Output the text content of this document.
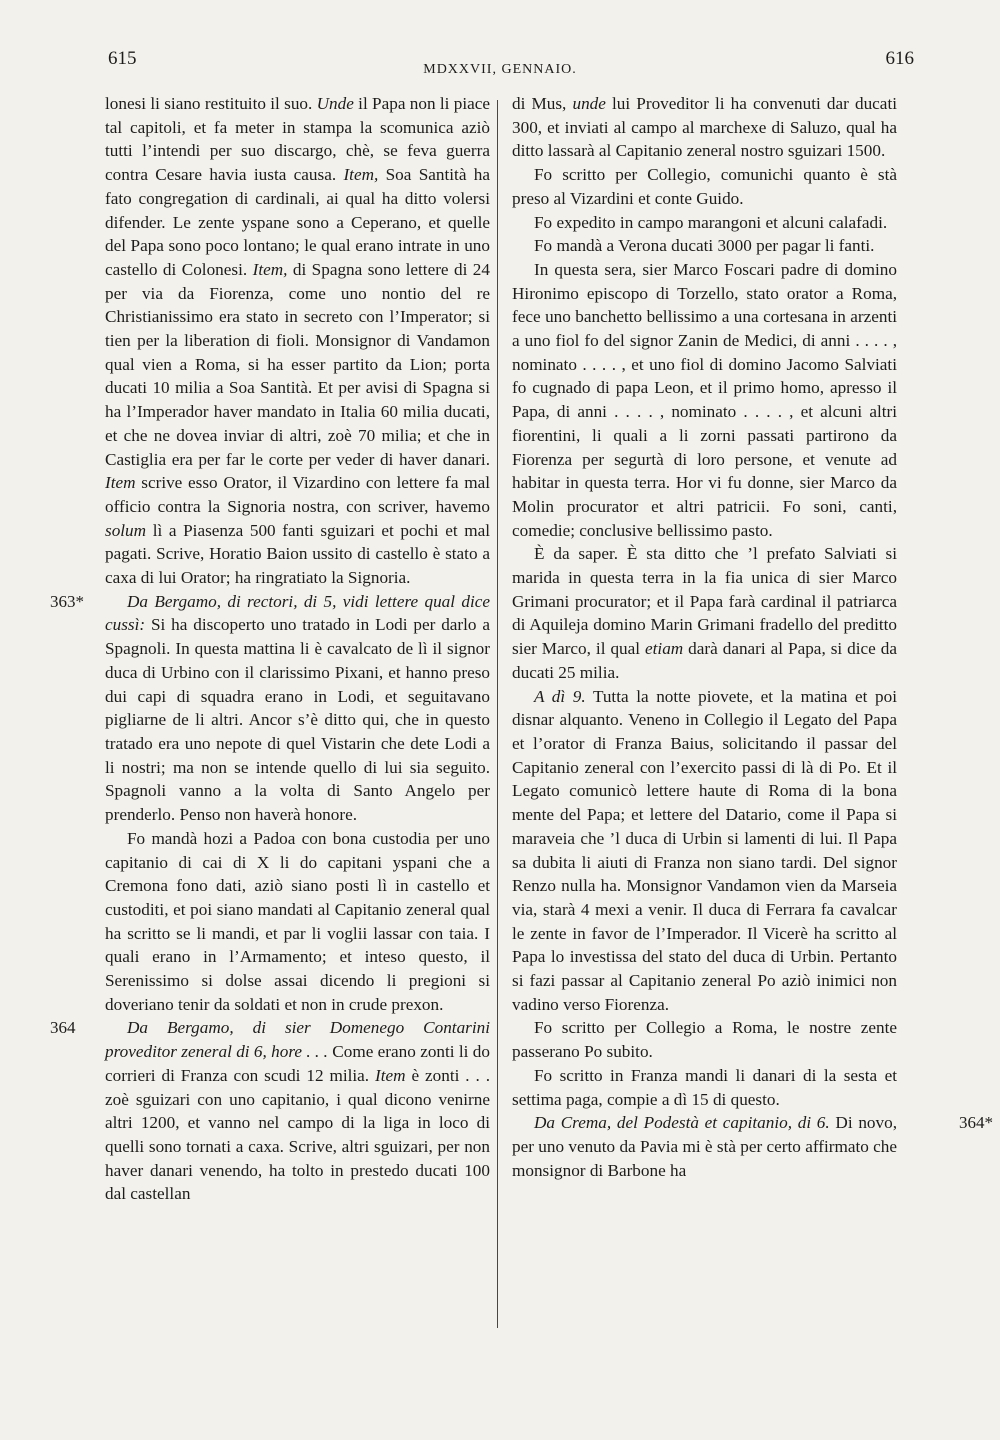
615
MDXXVII, GENNAIO.
616

lonesi li siano restituito il suo. Unde il Papa non li piace tal capitoli, et fa meter in stampa la scomunica aziò tutti l’intendi per suo discargo, chè, se feva guerra contra Cesare havia iusta causa. Item, Soa Santità ha fato congregation di cardinali, ai qual ha ditto volersi difender. Le zente yspane sono a Ceperano, et quelle del Papa sono poco lontano; le qual erano intrate in uno castello di Colonesi. Item, di Spagna sono lettere di 24 per via da Fiorenza, come uno nontio del re Christianissimo era stato in secreto con l’Imperator; si tien per la liberation di fioli. Monsignor di Vandamon qual vien a Roma, si ha esser partito da Lion; porta ducati 10 milia a Soa Santità. Et per avisi di Spagna si ha l’Imperador haver mandato in Italia 60 milia ducati, et che ne dovea inviar di altri, zoè 70 milia; et che in Castiglia era per far le corte per veder di haver danari. Item scrive esso Orator, il Vizardino con lettere fa mal officio contra la Signoria nostra, con scriver, havemo solum lì a Piasenza 500 fanti sguizari et pochi et mal pagati. Scrive, Horatio Baion ussito di castello è stato a caxa di lui Orator; ha ringratiato la Signoria.

363*	Da Bergamo, di rectori, di 5, vidi lettere qual dice cussì: Si ha discoperto uno tratado in Lodi per darlo a Spagnoli. In questa mattina li è cavalcato de lì il signor duca di Urbino con il clarissimo Pixani, et hanno preso dui capi di squadra erano in Lodi, et seguitavano pigliarne de li altri. Ancor s’è ditto qui, che in questo tratado era uno nepote di quel Vistarin che dete Lodi a li nostri; ma non se intende quello di lui sia seguito. Spagnoli vanno a la volta di Santo Angelo per prenderlo. Penso non haverà honore.

Fo mandà hozi a Padoa con bona custodia per uno capitanio di cai di X li do capitani yspani che a Cremona fono dati, aziò siano posti lì in castello et custoditi, et poi siano mandati al Capitanio zeneral qual ha scritto se li mandi, et par li voglii lassar con taia. I quali erano in l’Armamento; et inteso questo, il Serenissimo si dolse assai dicendo li pregioni si doveriano tenir da soldati et non in crude prexon.

364	Da Bergamo, di sier Domenego Contarini proveditor zeneral di 6, hore . . . Come erano zonti li do corrieri di Franza con scudi 12 milia. Item è zonti . . . zoè sguizari con uno capitanio, i qual dicono venirne altri 1200, et vanno nel campo di la liga in loco di quelli sono tornati a caxa. Scrive, altri sguizari, per non haver danari venendo, ha tolto in prestedo ducati 100 dal castellan

di Mus, unde lui Proveditor li ha convenuti dar ducati 300, et inviati al campo al marchexe di Saluzo, qual ha ditto lassarà al Capitanio zeneral nostro sguizari 1500.

Fo scritto per Collegio, comunichi quanto è stà preso al Vizardini et conte Guido.

Fo expedito in campo marangoni et alcuni calafadi.

Fo mandà a Verona ducati 3000 per pagar li fanti.

In questa sera, sier Marco Foscari padre di domino Hironimo episcopo di Torzello, stato orator a Roma, fece uno banchetto bellissimo a una cortesana in arzenti a uno fiol fo del signor Zanin de Medici, di anni . . . . , nominato . . . . , et uno fiol di domino Jacomo Salviati fo cugnado di papa Leon, et il primo homo, apresso il Papa, di anni . . . . , nominato . . . . , et alcuni altri fiorentini, li quali a li zorni passati partirono da Fiorenza per segurtà di loro persone, et venute ad habitar in questa terra. Hor vi fu donne, sier Marco da Molin procurator et altri patricii. Fo soni, canti, comedie; conclusive bellissimo pasto.

È da saper. È sta ditto che ’l prefato Salviati si marida in questa terra in la fia unica di sier Marco Grimani procurator; et il Papa farà cardinal il patriarca di Aquileja domino Marin Grimani fradello del preditto sier Marco, il qual etiam darà danari al Papa, si dice da ducati 25 milia.

A dì 9. Tutta la notte piovete, et la matina et poi disnar alquanto. Veneno in Collegio il Legato del Papa et l’orator di Franza Baius, solicitando il passar del Capitanio zeneral con l’exercito passi di là di Po. Et il Legato comunicò lettere haute di Roma di la bona mente del Papa; et lettere del Datario, come il Papa si maraveia che ’l duca di Urbin si lamenti di lui. Il Papa sa dubita li aiuti di Franza non siano tardi. Del signor Renzo nulla ha. Monsignor Vandamon vien da Marseia via, starà 4 mexi a venir. Il duca di Ferrara fa cavalcar le zente in favor de l’Imperador. Il Vicerè ha scritto al Papa lo investissa del stato del duca di Urbin. Pertanto si fazi passar al Capitanio zeneral Po aziò inimici non vadino verso Fiorenza.

Fo scritto per Collegio a Roma, le nostre zente passerano Po subito.

Fo scritto in Franza mandi li danari di la sesta et settima paga, compie a dì 15 di questo.

364*
Da Crema, del Podestà et capitanio, di 6. Di novo, per uno venuto da Pavia mi è stà per certo affirmato che monsignor di Barbone ha
